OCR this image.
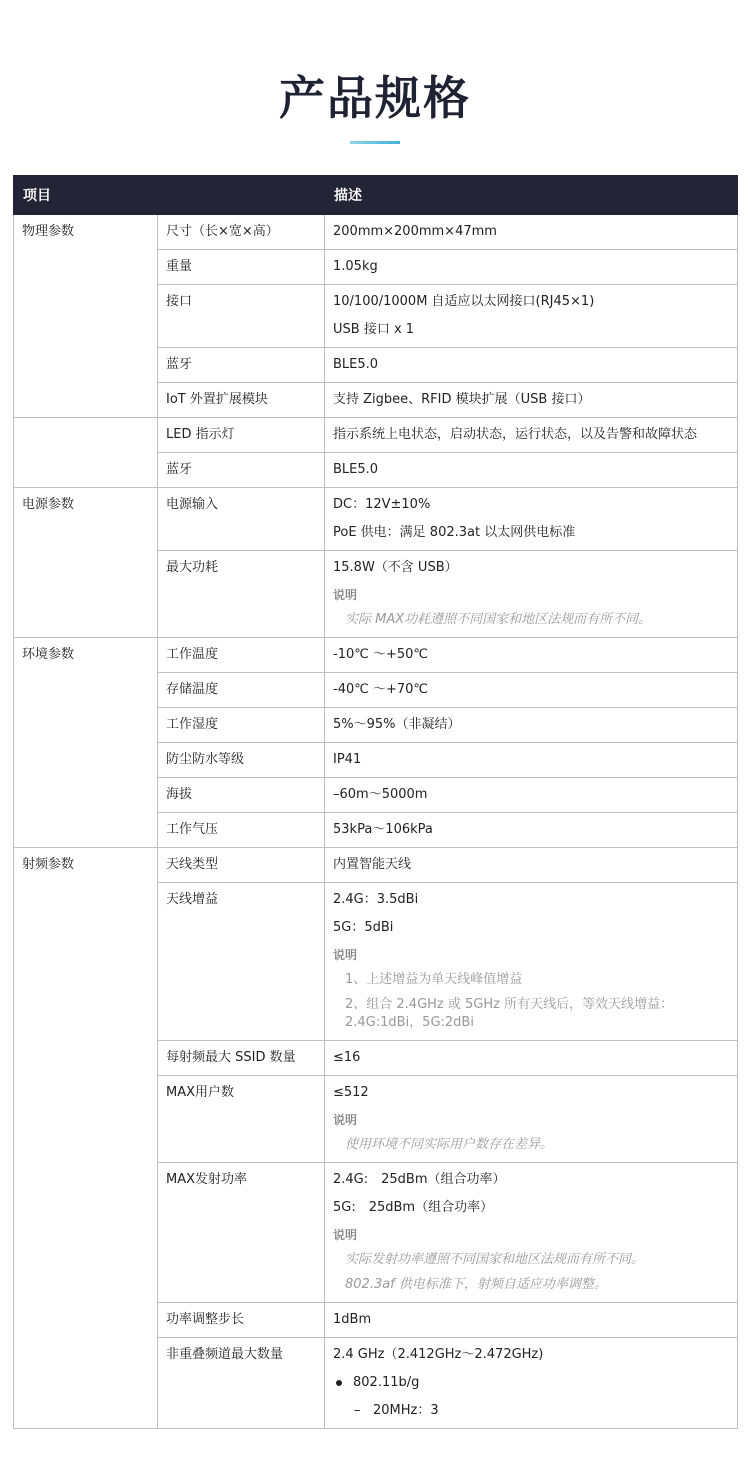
产品规格
项目		描述
物理参数	尺寸（长×宽×高）	200mm×200mm×47mm
	重量	1.05kg
	接口	10/100/1000M 自适应以太网接口(RJ45×1)
USB 接口 x 1

	蓝牙	BLE5.0
	IoT 外置扩展模块	支持 Zigbee、RFID 模块扩展（USB 接口）
	LED 指示灯	指示系统上电状态，启动状态，运行状态，以及告警和故障状态
	蓝牙	BLE5.0
电源参数	电源输入	DC：12V±10%
PoE 供电：满足 802.3at 以太网供电标准

	最大功耗	15.8W（不含 USB）
说明
实际 MAX功耗遵照不同国家和地区法规而有所不同。

环境参数	工作温度	-10℃ ～+50℃
	存储温度	-40℃ ～+70℃
	工作湿度	5%～95%（非凝结）
	防尘防水等级	IP41
	海拔	–60m～5000m
	工作气压	53kPa～106kPa
射频参数	天线类型	内置智能天线
	天线增益	2.4G：3.5dBi
5G：5dBi
说明
1、上述增益为单天线峰值增益
2、组合 2.4GHz 或 5GHz 所有天线后，等效天线增益：2.4G:1dBi，5G:2dBi

	每射频最大 SSID 数量	≤16
	MAX用户数	≤512
说明
使用环境不同实际用户数存在差异。

	MAX发射功率	2.4G:　25dBm（组合功率）
5G:　25dBm（组合功率）
说明
实际发射功率遵照不同国家和地区法规而有所不同。
802.3af 供电标准下，射频自适应功率调整。

	功率调整步长	1dBm
	非重叠频道最大数量	2.4 GHz（2.412GHz～2.472GHz)
802.11b/g
– 20MHz：3
